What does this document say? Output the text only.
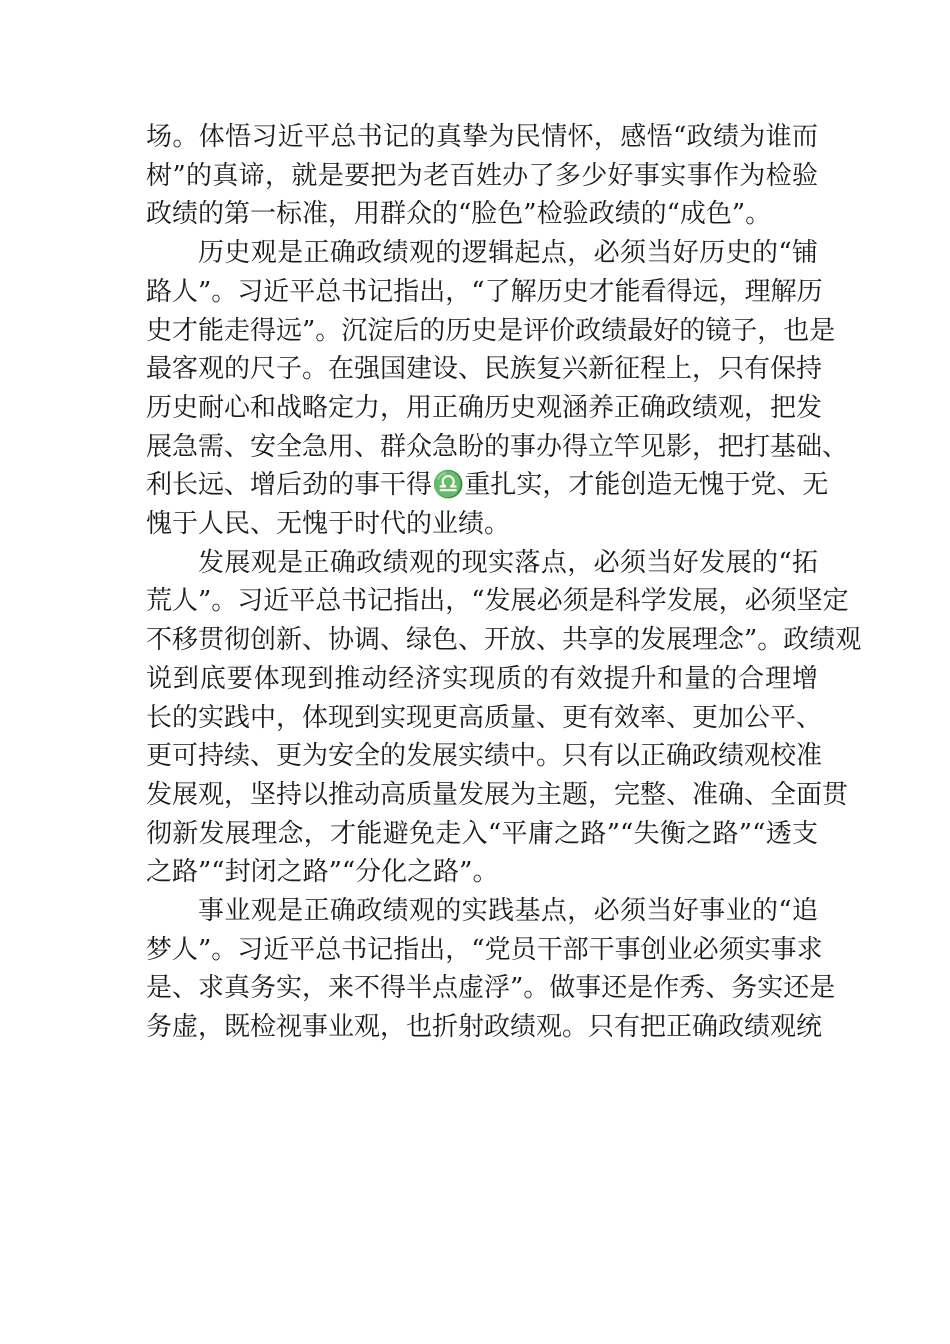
场。体悟习近平总书记的真挚为民情怀，感悟“政绩为谁而
树”的真谛，就是要把为老百姓办了多少好事实事作为检验
政绩的第一标准，用群众的“脸色”检验政绩的“成色”。
历史观是正确政绩观的逻辑起点，必须当好历史的“铺
路人”。习近平总书记指出，“了解历史才能看得远，理解历
史才能走得远”。沉淀后的历史是评价政绩最好的镜子，也是
最客观的尺子。在强国建设、民族复兴新征程上，只有保持
历史耐心和战略定力，用正确历史观涵养正确政绩观，把发
展急需、安全急用、群众急盼的事办得立竿见影，把打基础、
利长远、增后劲的事干得♎重扎实，才能创造无愧于党、无
愧于人民、无愧于时代的业绩。
发展观是正确政绩观的现实落点，必须当好发展的“拓
荒人”。习近平总书记指出，“发展必须是科学发展，必须坚定
不移贯彻创新、协调、绿色、开放、共享的发展理念”。政绩观
说到底要体现到推动经济实现质的有效提升和量的合理增
长的实践中，体现到实现更高质量、更有效率、更加公平、
更可持续、更为安全的发展实绩中。只有以正确政绩观校准
发展观，坚持以推动高质量发展为主题，完整、准确、全面贯
彻新发展理念，才能避免走入“平庸之路”“失衡之路”“透支
之路”“封闭之路”“分化之路”。
事业观是正确政绩观的实践基点，必须当好事业的“追
梦人”。习近平总书记指出，“党员干部干事创业必须实事求
是、求真务实，来不得半点虚浮”。做事还是作秀、务实还是
务虚，既检视事业观，也折射政绩观。只有把正确政绩观统
